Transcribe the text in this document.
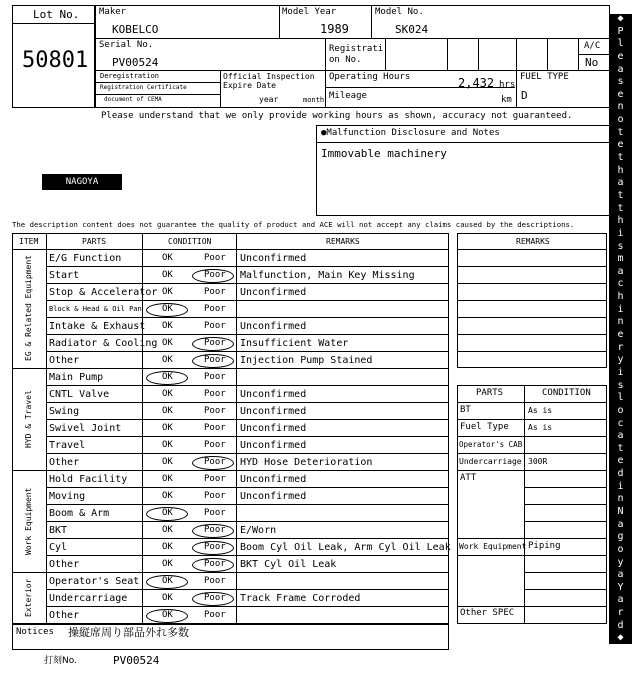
Lot No.
50801
Maker
KOBELCO
Model Year
1989
Model No.
SK024
Serial No.
PV00524
Registrati
on No.
A/C
No
Deregistration
Registration Certificate
document of CEMA
Official Inspection
Expire Date
year	month
Operating Hours	2,432 hrs
Mileage	km
FUEL TYPE
D
Please understand that we only provide working hours as shown, accuracy not guaranteed.
●Malfunction Disclosure and Notes
Immovable machinery
NAGOYA
The description content does not guarantee the quality of product and ACE will not accept any claims caused by the descriptions.
◆
P
l
e
a
s
e
n
o
t
e
t
h
a
t
t
h
i
s
m
a
c
h
i
n
e
r
y
i
s
l
o
c
a
t
e
d
i
n
N
a
g
o
y
a
Y
a
r
d
◆
ITEM	PARTS	CONDITION	REMARKS
EG & Related Equipment
HYD & Travel
Work Equipment
Exterior
E/G Function	OK	Poor Unconfirmed
Start	OK	Poor Malfunction, Main Key Missing
Stop & Accelerator OK	Poor Unconfirmed
Block & Head & Oil Pan OK	Poor
Intake & Exhaust OK	Poor Unconfirmed
Radiator & Cooling OK	Poor Insufficient Water
Other	OK	Poor Injection Pump Stained
Main Pump	OK	Poor
CNTL Valve	OK	Poor Unconfirmed
Swing	OK	Poor Unconfirmed
Swivel Joint	OK	Poor Unconfirmed
Travel	OK	Poor Unconfirmed
Other	OK	Poor HYD Hose Deterioration
Hold Facility	OK	Poor Unconfirmed
Moving	OK	Poor Unconfirmed
Boom & Arm	OK	Poor
BKT	OK	Poor E/Worn
Cyl	OK	Poor Boom Cyl Oil Leak, Arm Cyl Oil Leak
Other	OK	Poor BKT Cyl Oil Leak
Operator's Seat	OK	Poor
Undercarriage	OK	Poor Track Frame Corroded
Other	OK	Poor
REMARKS
PARTS	CONDITION
BT	As is
Fuel Type As is
Operator's CAB
Undercarriage 300R
ATT
Work Equipment Piping
Other SPEC
Notices 操縦席周り部品外れ多数
打刻No.	PV00524
